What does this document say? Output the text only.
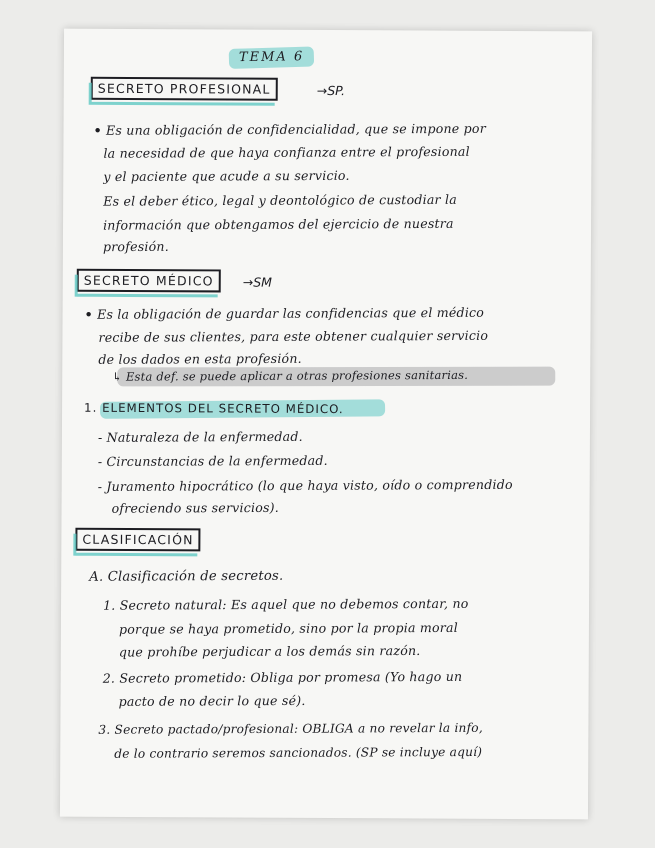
TEMA 6
SECRETO PROFESIONAL	→SP.
• Es una obligación de confidencialidad, que se impone por
la necesidad de que haya confianza entre el profesional
y el paciente que acude a su servicio.
Es el deber ético, legal y deontológico de custodiar la
información que obtengamos del ejercicio de nuestra
profesión.
SECRETO MÉDICO	→SM
• Es la obligación de guardar las confidencias que el médico
recibe de sus clientes, para este obtener cualquier servicio
de los dados en esta profesión.
↳ Esta def. se puede aplicar a otras profesiones sanitarias.
1. ELEMENTOS DEL SECRETO MÉDICO.
- Naturaleza de la enfermedad.
- Circunstancias de la enfermedad.
- Juramento hipocrático (lo que haya visto, oído o comprendido
ofreciendo sus servicios).
CLASIFICACIÓN
A. Clasificación de secretos.
1. Secreto natural: Es aquel que no debemos contar, no
porque se haya prometido, sino por la propia moral
que prohíbe perjudicar a los demás sin razón.
2. Secreto prometido: Obliga por promesa (Yo hago un
pacto de no decir lo que sé).
3. Secreto pactado/profesional: OBLIGA a no revelar la info,
de lo contrario seremos sancionados. (SP se incluye aquí)
